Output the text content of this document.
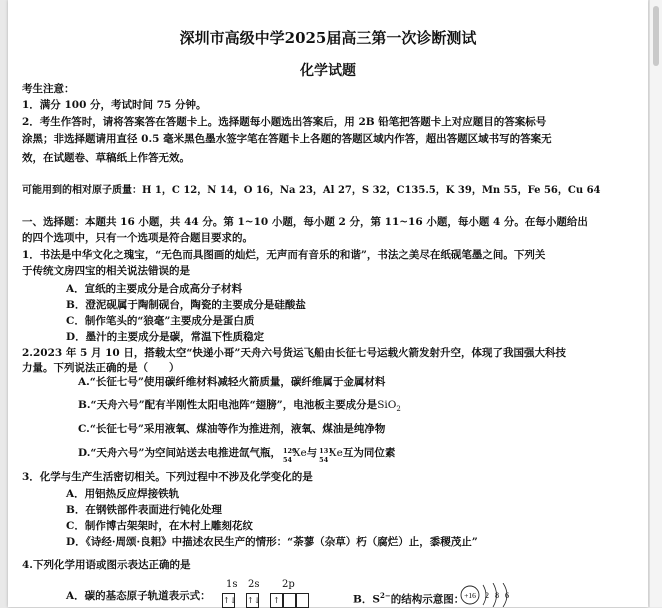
深圳市高级中学2025届高三第一次诊断测试
化学试题
考生注意：
1．满分 100 分，考试时间 75 分钟。
2．考生作答时，请将答案答在答题卡上。选择题每小题选出答案后，用 2B 铅笔把答题卡上对应题目的答案标号
涂黑；非选择题请用直径 0.5 毫米黑色墨水签字笔在答题卡上各题的答题区域内作答，超出答题区域书写的答案无
效，在试题卷、草稿纸上作答无效。
可能用到的相对原子质量：H 1，C 12，N 14，O 16，Na 23，Al 27，S 32，C135.5，K 39，Mn 55，Fe 56，Cu 64
一、选择题：本题共 16 小题，共 44 分。第 1~10 小题，每小题 2 分，第 11~16 小题，每小题 4 分。在每小题给出
的四个选项中，只有一个选项是符合题目要求的。
1．书法是中华文化之瑰宝，“无色而具图画的灿烂，无声而有音乐的和谐”，书法之美尽在纸砚笔墨之间。下列关
于传统文房四宝的相关说法错误的是
A．宣纸的主要成分是合成高分子材料
B．澄泥砚属于陶制砚台，陶瓷的主要成分是硅酸盐
C．制作笔头的“狼毫”主要成分是蛋白质
D．墨汁的主要成分是碳，常温下性质稳定
2.2023 年 5 月 10 日，搭载太空“快递小哥”天舟六号货运飞船由长征七号运载火箭发射升空，体现了我国强大科技
力量。下列说法正确的是（　　）
A.“长征七号”使用碳纤维材料减轻火箭质量，碳纤维属于金属材料
B.“天舟六号”配有半刚性太阳电池阵“翅膀”，电池板主要成分是SiO$_2$
C.“长征七号”采用液氧、煤油等作为推进剂，液氧、煤油是纯净物
D.“天舟六号”为空间站送去电推进氙气瓶， 129
54
Xe与 131
54
Xe互为同位素
3．化学与生产生活密切相关。下列过程中不涉及化学变化的是
A．用铝热反应焊接铁轨
B．在钢铁部件表面进行钝化处理
C．制作博古架架时，在木村上雕刻花纹
D．《诗经·周颂·良耜》中描述农民生产的情形：“荼蓼（杂草）朽（腐烂）止，黍稷茂止”
4.下列化学用语或图示表达正确的是
A．碳的基态原子轨道表示式：
1s 2s 2p
↑↓ ↑↓	↑	B．$S^{2-}$的结构示意图： +16 2 8 6
